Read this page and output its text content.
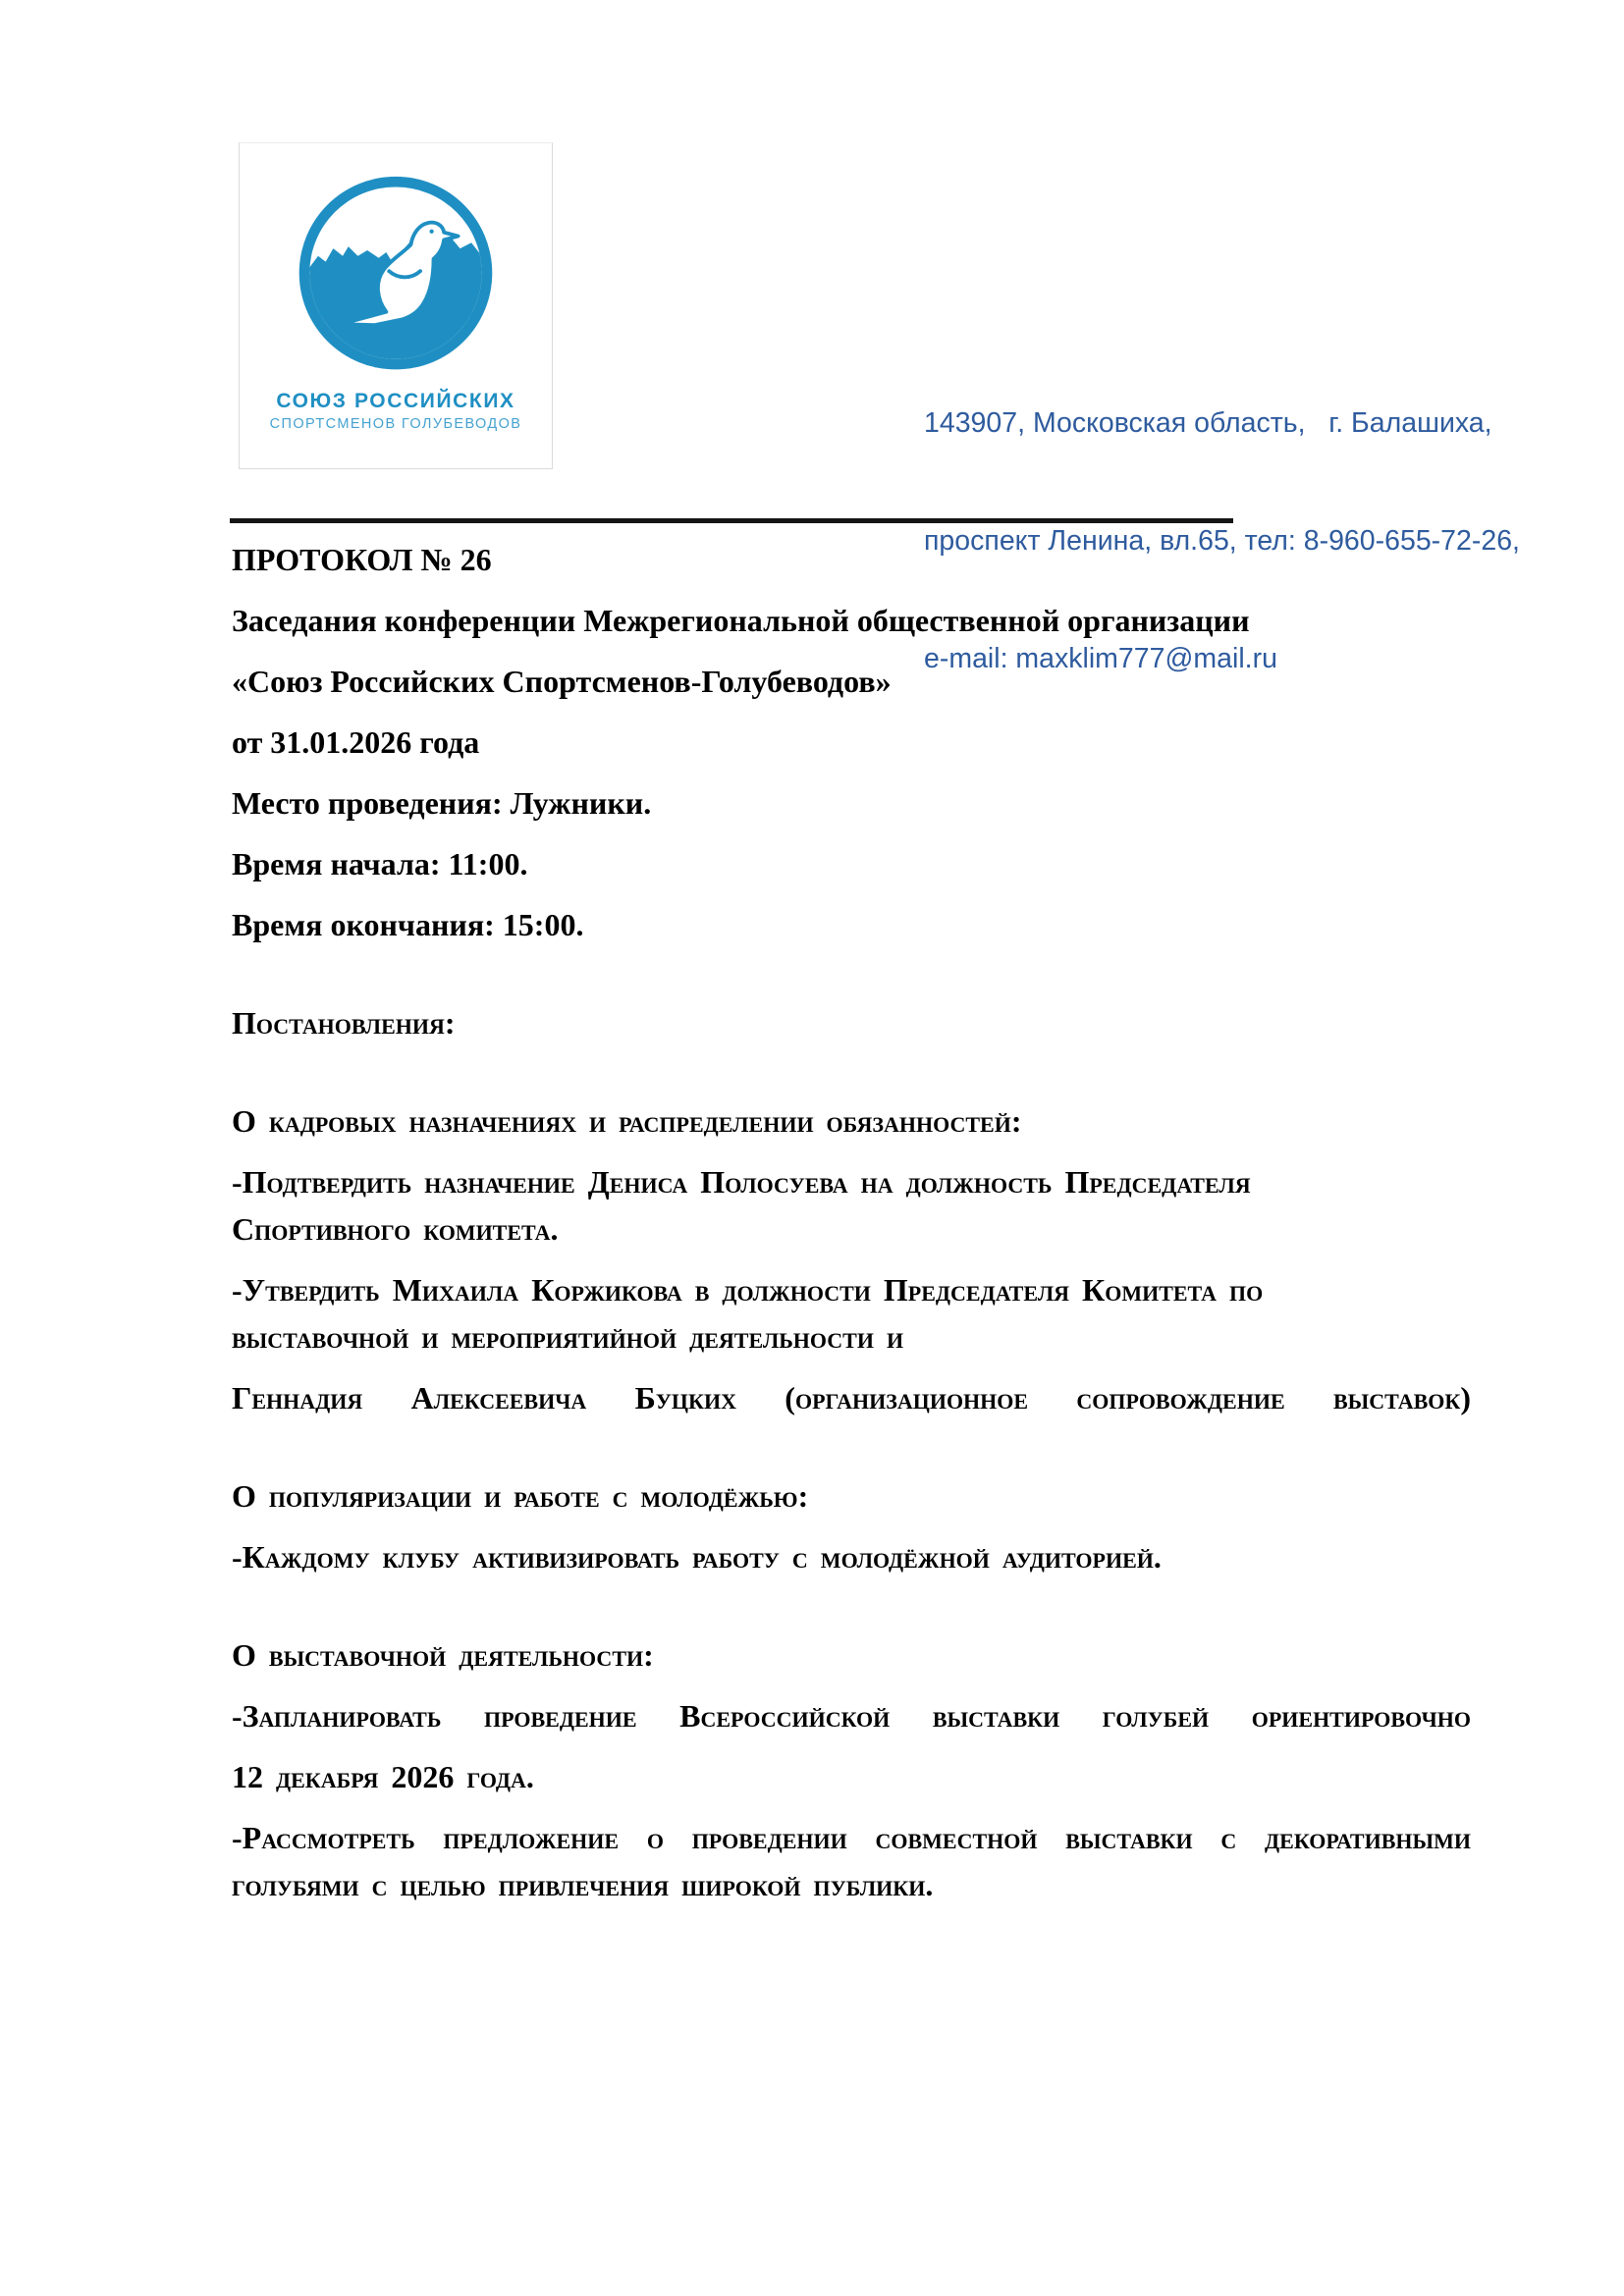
СОЮЗ РОССИЙСКИХ
СПОРТСМЕНОВ ГОЛУБЕВОДОВ

	143907, Московская область,   г. Балашиха,

проспект Ленина, вл.65, тел: 8-960-655-72-26,

e-mail: maxklim777@mail.ru

ПРОТОКОЛ № 26
Заседания конференции Межрегиональной общественной организации
«Союз Российских Спортсменов-Голубеводов»
от 31.01.2026 года
Место проведения: Лужники.
Время начала: 11:00.
Время окончания: 15:00.
Постановления:
О кадровых назначениях и распределении обязанностей:
-Подтвердить назначение Дениса Полосуева на должность Председателя
Спортивного комитета.
-Утвердить Михаила Коржикова в должности Председателя Комитета по
выставочной и мероприятийной деятельности и
Геннадия Алексеевича Буцких (организационное сопровождение выставок)
О популяризации и работе с молодёжью:
-Каждому клубу активизировать работу с молодёжной аудиторией.
О выставочной деятельности:
-Запланировать проведение Всероссийской выставки голубей ориентировочно
12 декабря 2026 года.
-Рассмотреть предложение о проведении совместной выставки с декоративными
голубями с целью привлечения широкой публики.
